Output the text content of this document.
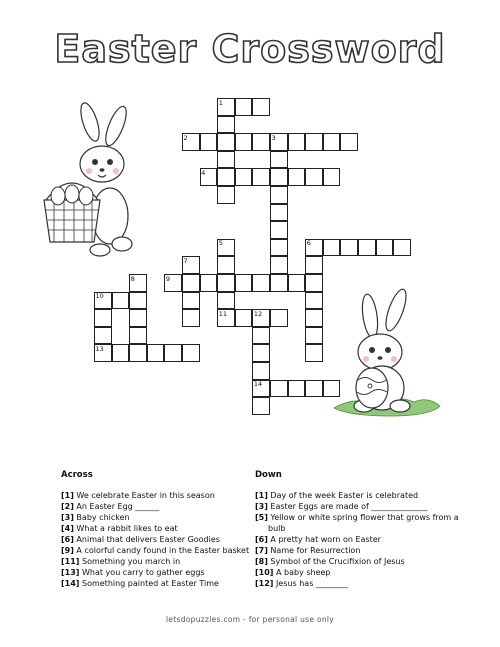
Easter Crossword
1
2	3
4
5	6
7
8	9
10
11	12
13
14
Across
[1] We celebrate Easter in this season
[2] An Easter Egg ______
[3] Baby chicken
[4] What a rabbit likes to eat
[6] Animal that delivers Easter Goodies
[9] A colorful candy found in the Easter basket
[11] Something you march in
[13] What you carry to gather eggs
[14] Something painted at Easter Time
Down
[1] Day of the week Easter is celebrated
[3] Easter Eggs are made of ______________
[5] Yellow or white spring flower that grows from a bulb
[6] A pretty hat worn on Easter
[7] Name for Resurrection
[8] Symbol of the Crucifixion of Jesus
[10] A baby sheep
[12] Jesus has ________
letsdopuzzles.com - for personal use only
